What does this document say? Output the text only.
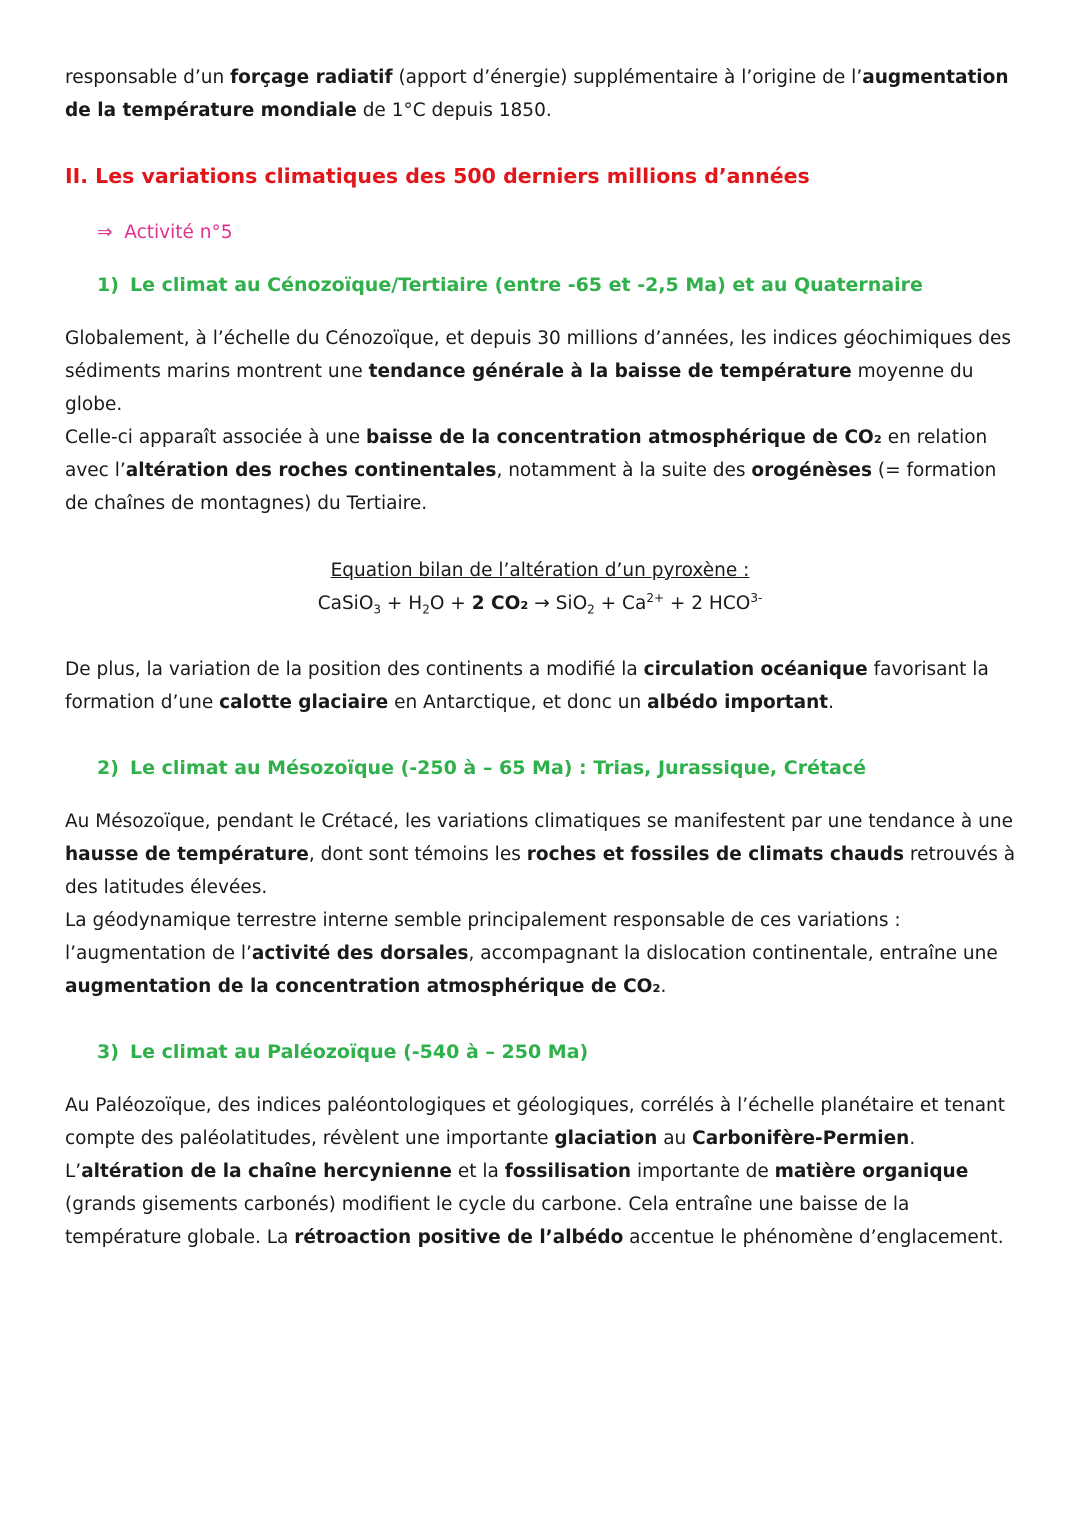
responsable d’un forçage radiatif (apport d’énergie) supplémentaire à l’origine de l’augmentation de la température mondiale de 1°C depuis 1850.

II. Les variations climatiques des 500 derniers millions d’années
⇒ Activité n°5
1) Le climat au Cénozoïque/Tertiaire (entre -65 et -2,5 Ma) et au Quaternaire

Globalement, à l’échelle du Cénozoïque, et depuis 30 millions d’années, les indices géochimiques des sédiments marins montrent une tendance générale à la baisse de température moyenne du globe.

Celle-ci apparaît associée à une baisse de la concentration atmosphérique de CO₂ en relation avec l’altération des roches continentales, notamment à la suite des orogénèses (= formation de chaînes de montagnes) du Tertiaire.

Equation bilan de l’altération d’un pyroxène :
CaSiO$_3$ + $H_2O + 2$ $CO_2 \to SiO_2 + Ca^{2+} + 2$ $HCO^{3-}$

De plus, la variation de la position des continents a modifié la circulation océanique favorisant la formation d’une calotte glaciaire en Antarctique, et donc un albédo important.

2) Le climat au Mésozoïque (-250 à – 65 Ma) : Trias, Jurassique, Crétacé

Au Mésozoïque, pendant le Crétacé, les variations climatiques se manifestent par une tendance à une hausse de température, dont sont témoins les roches et fossiles de climats chauds retrouvés à des latitudes élevées.

La géodynamique terrestre interne semble principalement responsable de ces variations : l’augmentation de l’activité des dorsales, accompagnant la dislocation continentale, entraîne une augmentation de la concentration atmosphérique de CO₂.

3) Le climat au Paléozoïque (-540 à – 250 Ma)

Au Paléozoïque, des indices paléontologiques et géologiques, corrélés à l’échelle planétaire et tenant compte des paléolatitudes, révèlent une importante glaciation au Carbonifère-Permien.

L’altération de la chaîne hercynienne et la fossilisation importante de matière organique (grands gisements carbonés) modifient le cycle du carbone. Cela entraîne une baisse de la température globale. La rétroaction positive de l’albédo accentue le phénomène d’englacement.
